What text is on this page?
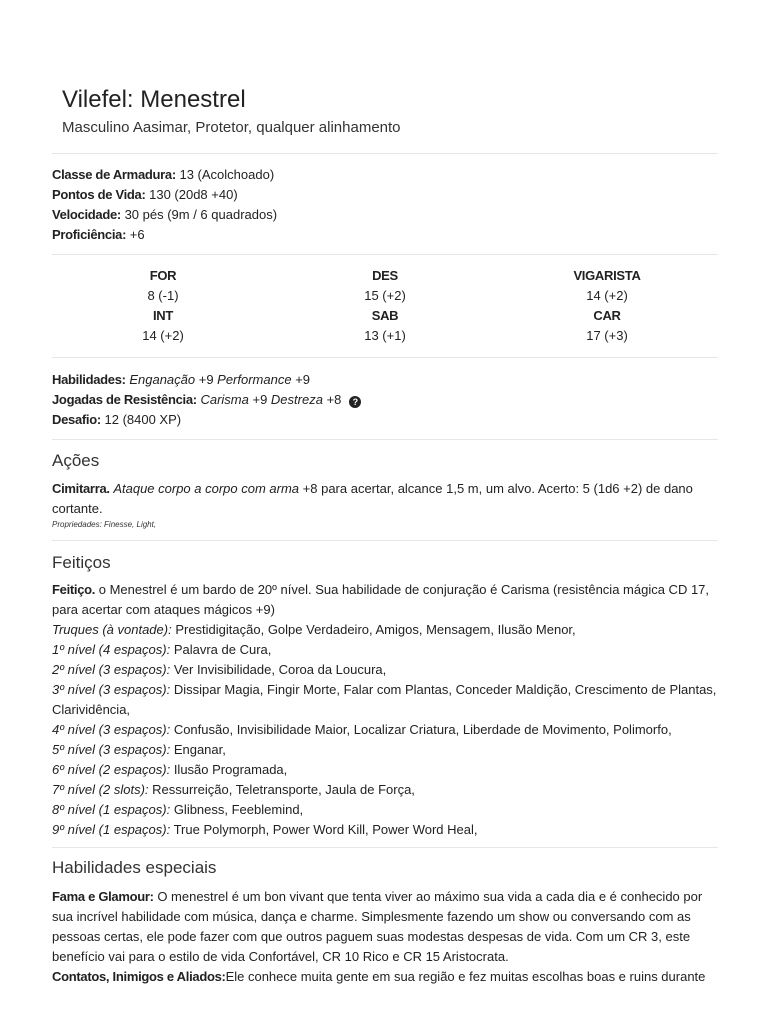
Vilefel: Menestrel
Masculino Aasimar, Protetor, qualquer alinhamento
Classe de Armadura: 13 (Acolchoado)
Pontos de Vida: 130 (20d8 +40)
Velocidade: 30 pés (9m / 6 quadrados)
Proficiência: +6
FOR	DES	VIGARISTA
8 (-1)	15 (+2)	14 (+2)
INT	SAB	CAR
14 (+2)	13 (+1)	17 (+3)
Habilidades: Enganação +9 Performance +9
Jogadas de Resistência: Carisma +9 Destreza +8 ?
Desafio: 12 (8400 XP)
Ações
Cimitarra. Ataque corpo a corpo com arma +8 para acertar, alcance 1,5 m, um alvo. Acerto: 5 (1d6 +2) de dano
cortante.
Propriedades: Finesse, Light,
Feitiços
Feitiço. o Menestrel é um bardo de 20º nível. Sua habilidade de conjuração é Carisma (resistência mágica CD 17,
para acertar com ataques mágicos +9)
Truques (à vontade): Prestidigitação, Golpe Verdadeiro, Amigos, Mensagem, Ilusão Menor,
1º nível (4 espaços): Palavra de Cura,
2º nível (3 espaços): Ver Invisibilidade, Coroa da Loucura,
3º nível (3 espaços): Dissipar Magia, Fingir Morte, Falar com Plantas, Conceder Maldição, Crescimento de Plantas,
Clarividência,
4º nível (3 espaços): Confusão, Invisibilidade Maior, Localizar Criatura, Liberdade de Movimento, Polimorfo,
5º nível (3 espaços): Enganar,
6º nível (2 espaços): Ilusão Programada,
7º nível (2 slots): Ressurreição, Teletransporte, Jaula de Força,
8º nível (1 espaços): Glibness, Feeblemind,
9º nível (1 espaços): True Polymorph, Power Word Kill, Power Word Heal,
Habilidades especiais
Fama e Glamour: O menestrel é um bon vivant que tenta viver ao máximo sua vida a cada dia e é conhecido por
sua incrível habilidade com música, dança e charme. Simplesmente fazendo um show ou conversando com as
pessoas certas, ele pode fazer com que outros paguem suas modestas despesas de vida. Com um CR 3, este
benefício vai para o estilo de vida Confortável, CR 10 Rico e CR 15 Aristocrata.
Contatos, Inimigos e Aliados:Ele conhece muita gente em sua região e fez muitas escolhas boas e ruins durante
